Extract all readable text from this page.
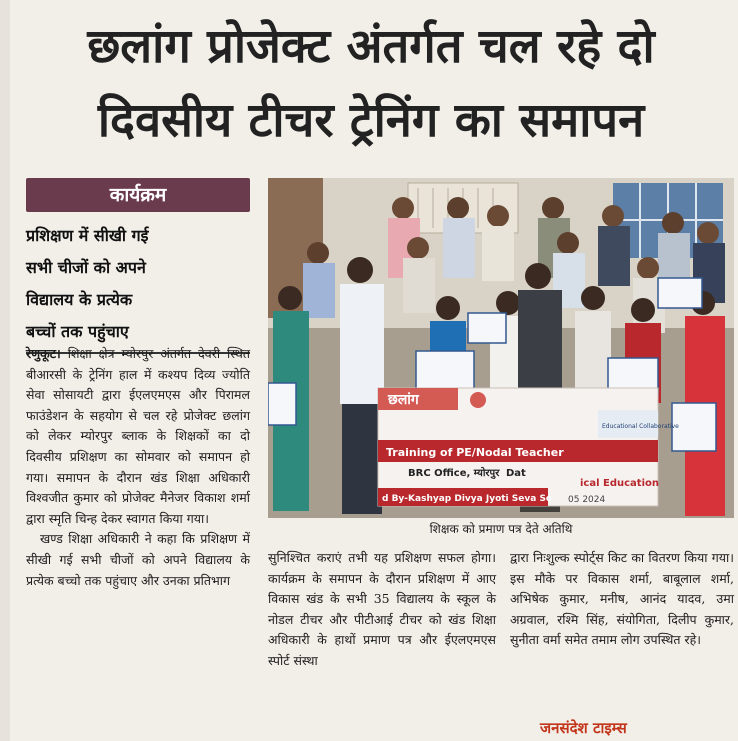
छलांग प्रोजेक्ट अंतर्गत चल रहे दो
दिवसीय टीचर ट्रेनिंग का समापन
कार्यक्रम
प्रशिक्षण में सीखी गई
सभी चीजों को अपने
विद्यालय के प्रत्येक
बच्चों तक पहुंचाए
रेणुकूट। शिक्षा क्षेत्र म्योरपुर अंतर्गत देवरी स्थित बीआरसी के ट्रेनिंग हाल में कश्यप दिव्य ज्योति सेवा सोसायटी द्वारा ईएलएमएस और पिरामल फाउंडेशन के सहयोग से चल रहे प्रोजेक्ट छलांग को लेकर म्योरपुर ब्लाक के शिक्षकों का दो दिवसीय प्रशिक्षण का सोमवार को समापन हो गया। समापन के दौरान खंड शिक्षा अधिकारी विश्वजीत कुमार को प्रोजेक्ट मैनेजर विकाश शर्मा द्वारा स्मृति चिन्ह देकर स्वागत किया गया।
खण्ड शिक्षा अधिकारी ने कहा कि प्रशिक्षण में सीखी गई सभी चीजों को अपने विद्यालय के प्रत्येक बच्चो तक पहुंचाए और उनका प्रतिभाग
छलांग
Training of PE/Nodal Teacher
ical Education
BRC Office, म्योरपुर Dat
d By-Kashyap Divya Jyoti Seva So 05 2024
Educational Collaborative
शिक्षक को प्रमाण पत्र देते अतिथि
सुनिश्चित कराएं तभी यह प्रशिक्षण सफल होगा। कार्यक्रम के समापन के दौरान प्रशिक्षण में आए विकास खंड के सभी 35 विद्यालय के स्कूल के नोडल टीचर और पीटीआई टीचर को खंड शिक्षा अधिकारी के हाथों प्रमाण पत्र और ईएलएमएस स्पोर्ट संस्था
द्वारा निःशुल्क स्पोर्ट्स किट का वितरण किया गया। इस मौके पर विकास शर्मा, बाबूलाल शर्मा, अभिषेक कुमार, मनीष, आनंद यादव, उमा अग्रवाल, रश्मि सिंह, संयोगिता, दिलीप कुमार, सुनीता वर्मा समेत तमाम लोग उपस्थित रहे।
जनसंदेश टाइम्स
